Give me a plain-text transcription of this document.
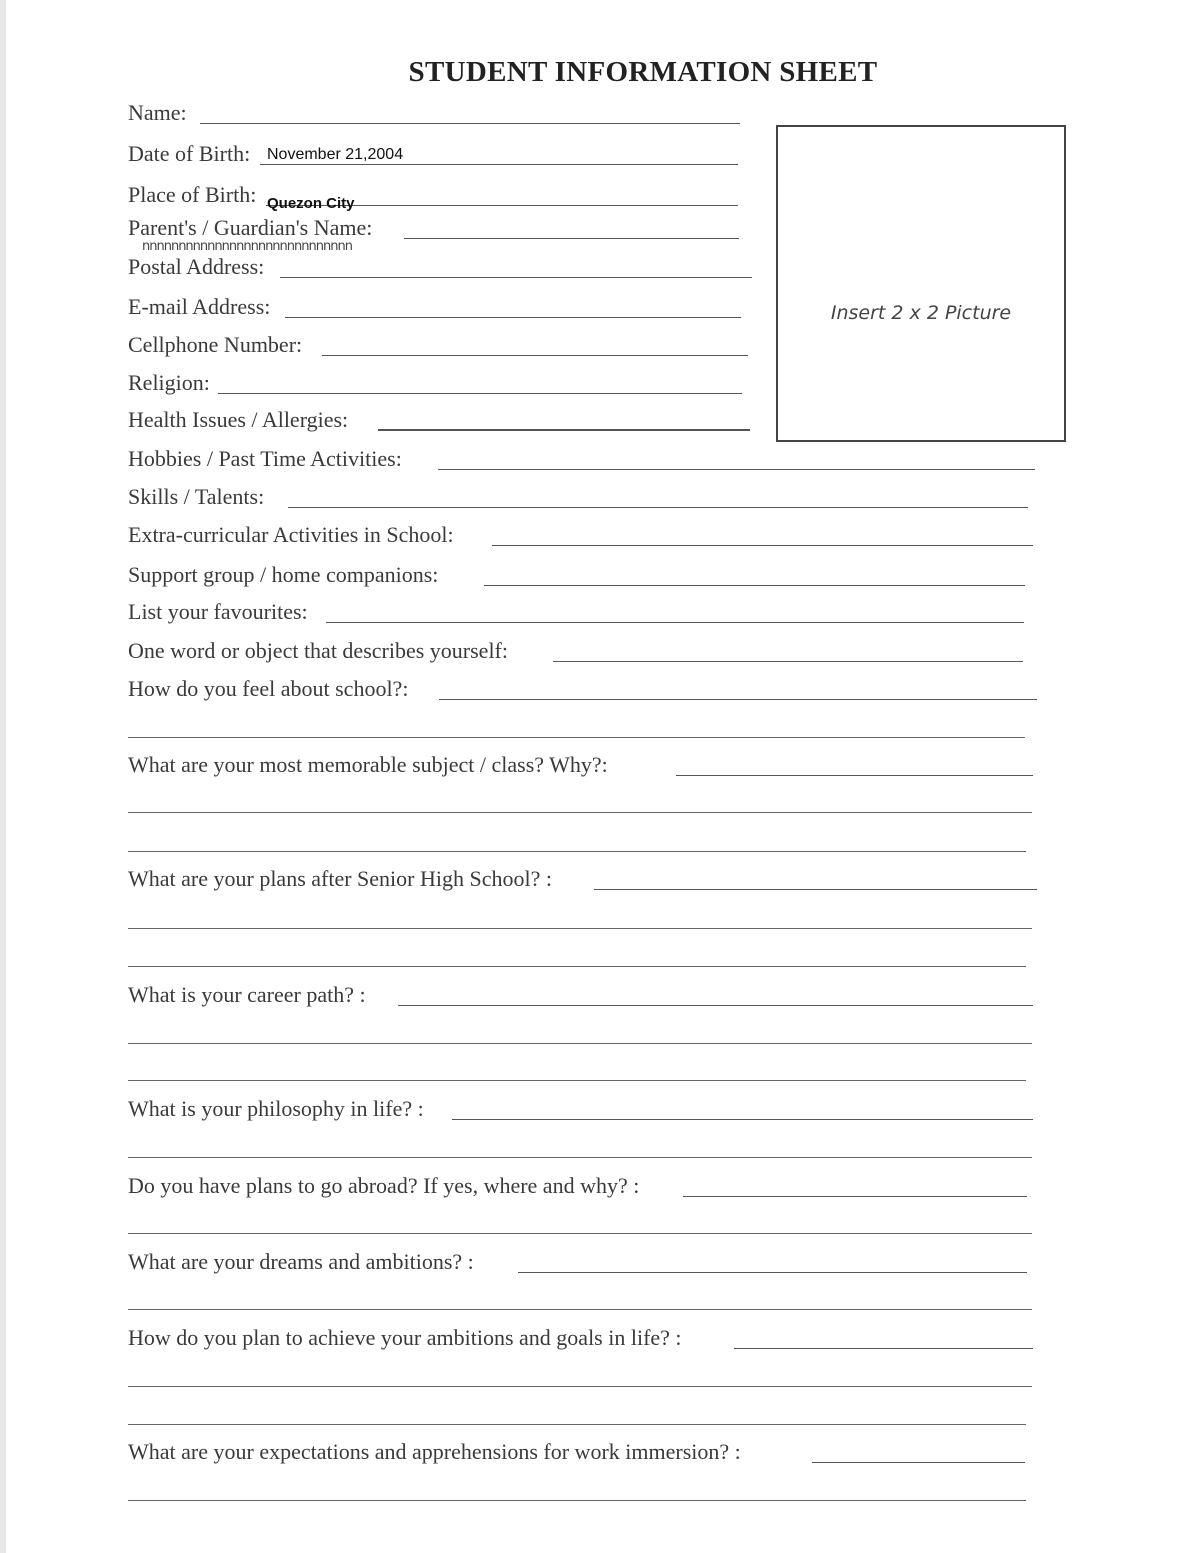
STUDENT INFORMATION SHEET
Insert 2 x 2 Picture
Name:
Date of Birth: November 21,2004
Place of Birth: Quezon City
Parent's / Guardian's Name:
nnnnnnnnnnnnnnnnnnnnnnnnnnnnn
Postal Address:
E-mail Address:
Cellphone Number:
Religion:
Health Issues / Allergies:
Hobbies / Past Time Activities:
Skills / Talents:
Extra-curricular Activities in School:
Support group / home companions:
List your favourites:
One word or object that describes yourself:
How do you feel about school?:
What are your most memorable subject / class? Why?:
What are your plans after Senior High School? :
What is your career path? :
What is your philosophy in life? :
Do you have plans to go abroad? If yes, where and why? :
What are your dreams and ambitions? :
How do you plan to achieve your ambitions and goals in life? :
What are your expectations and apprehensions for work immersion? :
